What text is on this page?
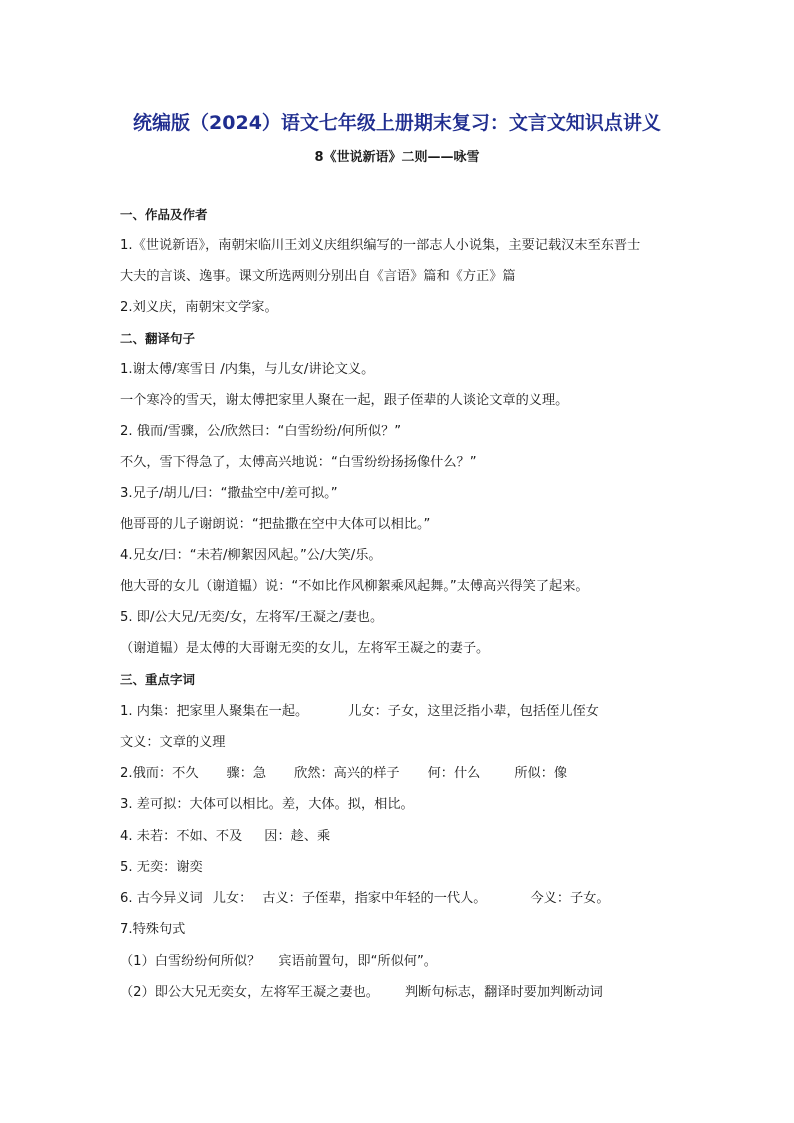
统编版（2024）语文七年级上册期末复习：文言文知识点讲义
8《世说新语》二则——咏雪
一、作品及作者
1.《世说新语》，南朝宋临川王刘义庆组织编写的一部志人小说集，主要记载汉末至东晋士
大夫的言谈、逸事。课文所选两则分别出自《言语》篇和《方正》篇
2.刘义庆，南朝宋文学家。
二、翻译句子
1.谢太傅/寒雪日 /内集，与儿女/讲论文义。
一个寒冷的雪天，谢太傅把家里人聚在一起，跟子侄辈的人谈论文章的义理。
2. 俄而/雪骤，公/欣然曰：“白雪纷纷/何所似？”
不久，雪下得急了，太傅高兴地说：“白雪纷纷扬扬像什么？”
3.兄子/胡儿/曰：“撒盐空中/差可拟。”
他哥哥的儿子谢朗说：“把盐撒在空中大体可以相比。”
4.兄女/曰：“未若/柳絮因风起。”公/大笑/乐。
他大哥的女儿（谢道韫）说：“不如比作风柳絮乘风起舞。”太傅高兴得笑了起来。
5. 即/公大兄/无奕/女，左将军/王凝之/妻也。
（谢道韫）是太傅的大哥谢无奕的女儿，左将军王凝之的妻子。
三、重点字词
1. 内集：把家里人聚集在一起。	儿女：子女，这里泛指小辈，包括侄儿侄女
文义：文章的义理
2.俄而：不久 骤：急 欣然：高兴的样子 何：什么	所似：像
3. 差可拟：大体可以相比。差，大体。拟，相比。
4. 未若：不如、不及 因：趁、乘
5. 无奕：谢奕
6. 古今异义词 儿女： 古义：子侄辈，指家中年轻的一代人。	今义：子女。
7.特殊句式
（1）白雪纷纷何所似？ 宾语前置句，即“所似何”。
（2）即公大兄无奕女，左将军王凝之妻也。 判断句标志，翻译时要加判断动词
